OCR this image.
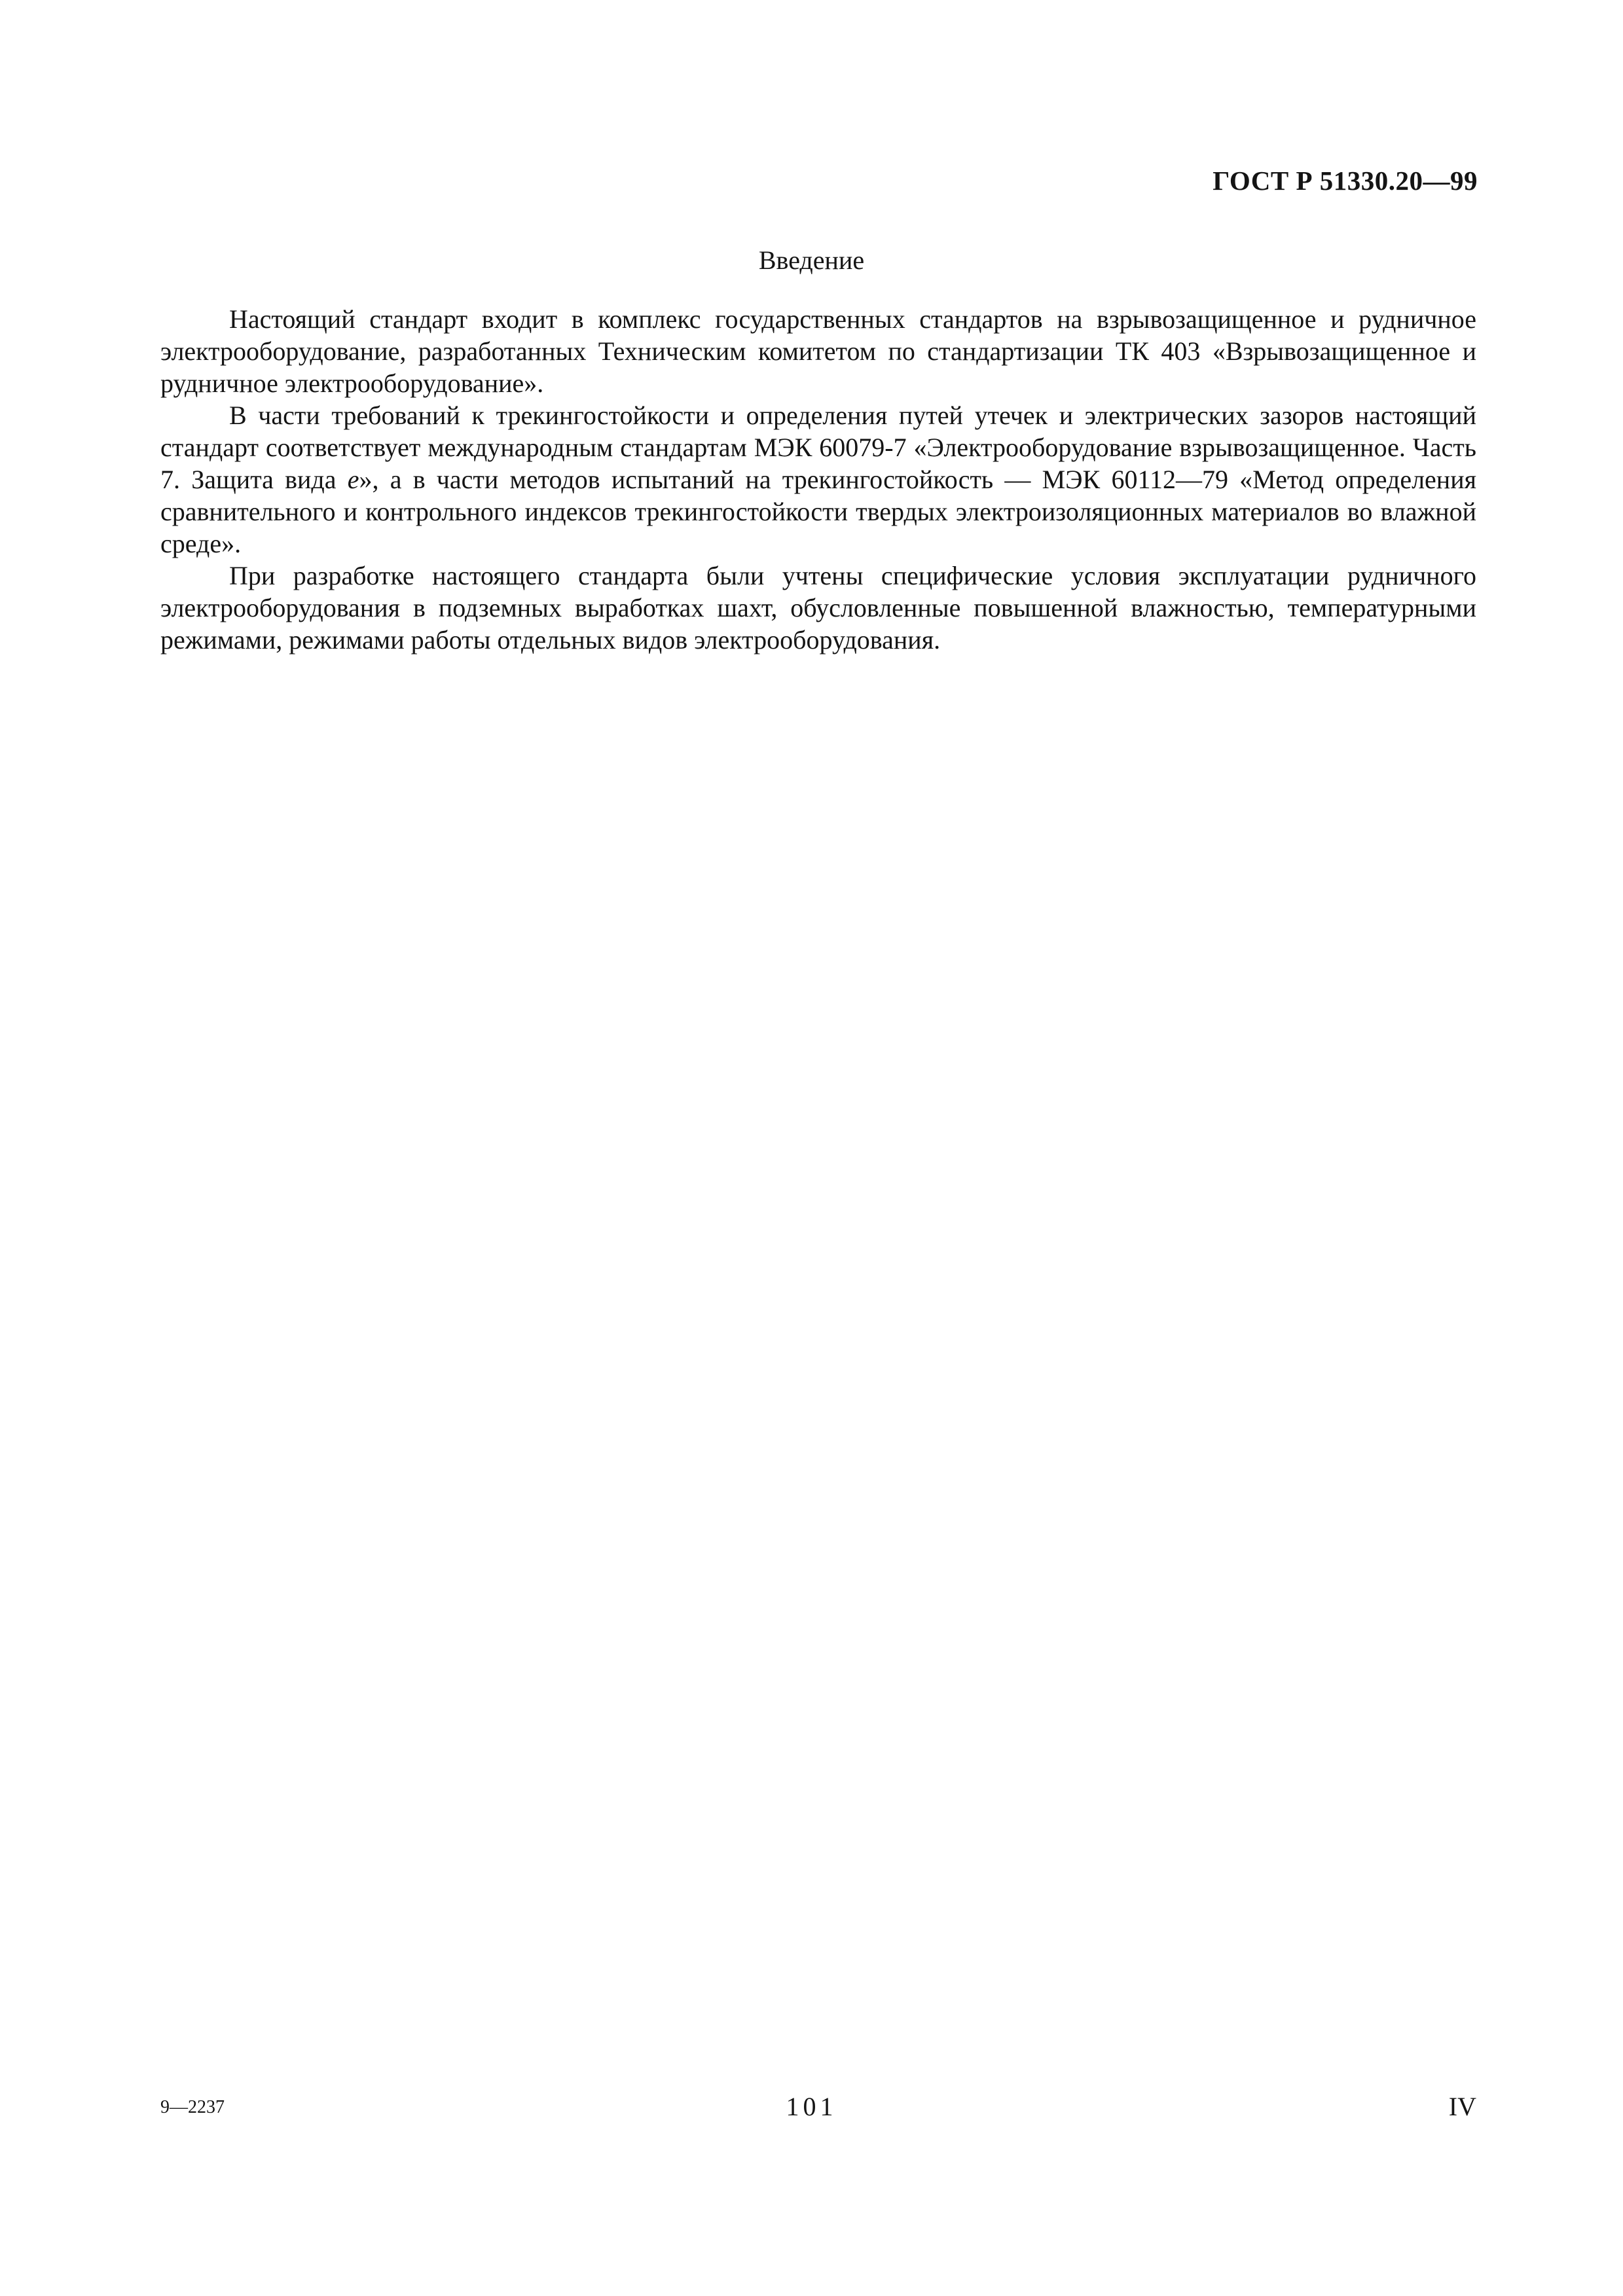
ГОСТ Р 51330.20—99
Введение

Настоящий стандарт входит в комплекс государственных стандартов на взрывозащищенное и рудничное электрооборудование, разработанных Техническим комитетом по стандартизации ТК 403 «Взрывозащищенное и рудничное электрооборудование».

В части требований к трекингостойкости и определения путей утечек и электрических зазоров настоящий стандарт соответствует международным стандартам МЭК 60079-7 «Электрооборудование взрывозащищенное. Часть 7. Защита вида е», а в части методов испытаний на трекингостойкость — МЭК 60112—79 «Метод определения сравнительного и контрольного индексов трекингостойкости твердых электроизоляционных материалов во влажной среде».

При разработке настоящего стандарта были учтены специфические условия эксплуатации рудничного электрооборудования в подземных выработках шахт, обусловленные повышенной влажностью, температурными режимами, режимами работы отдельных видов электрооборудования.

9—2237	101	IV
